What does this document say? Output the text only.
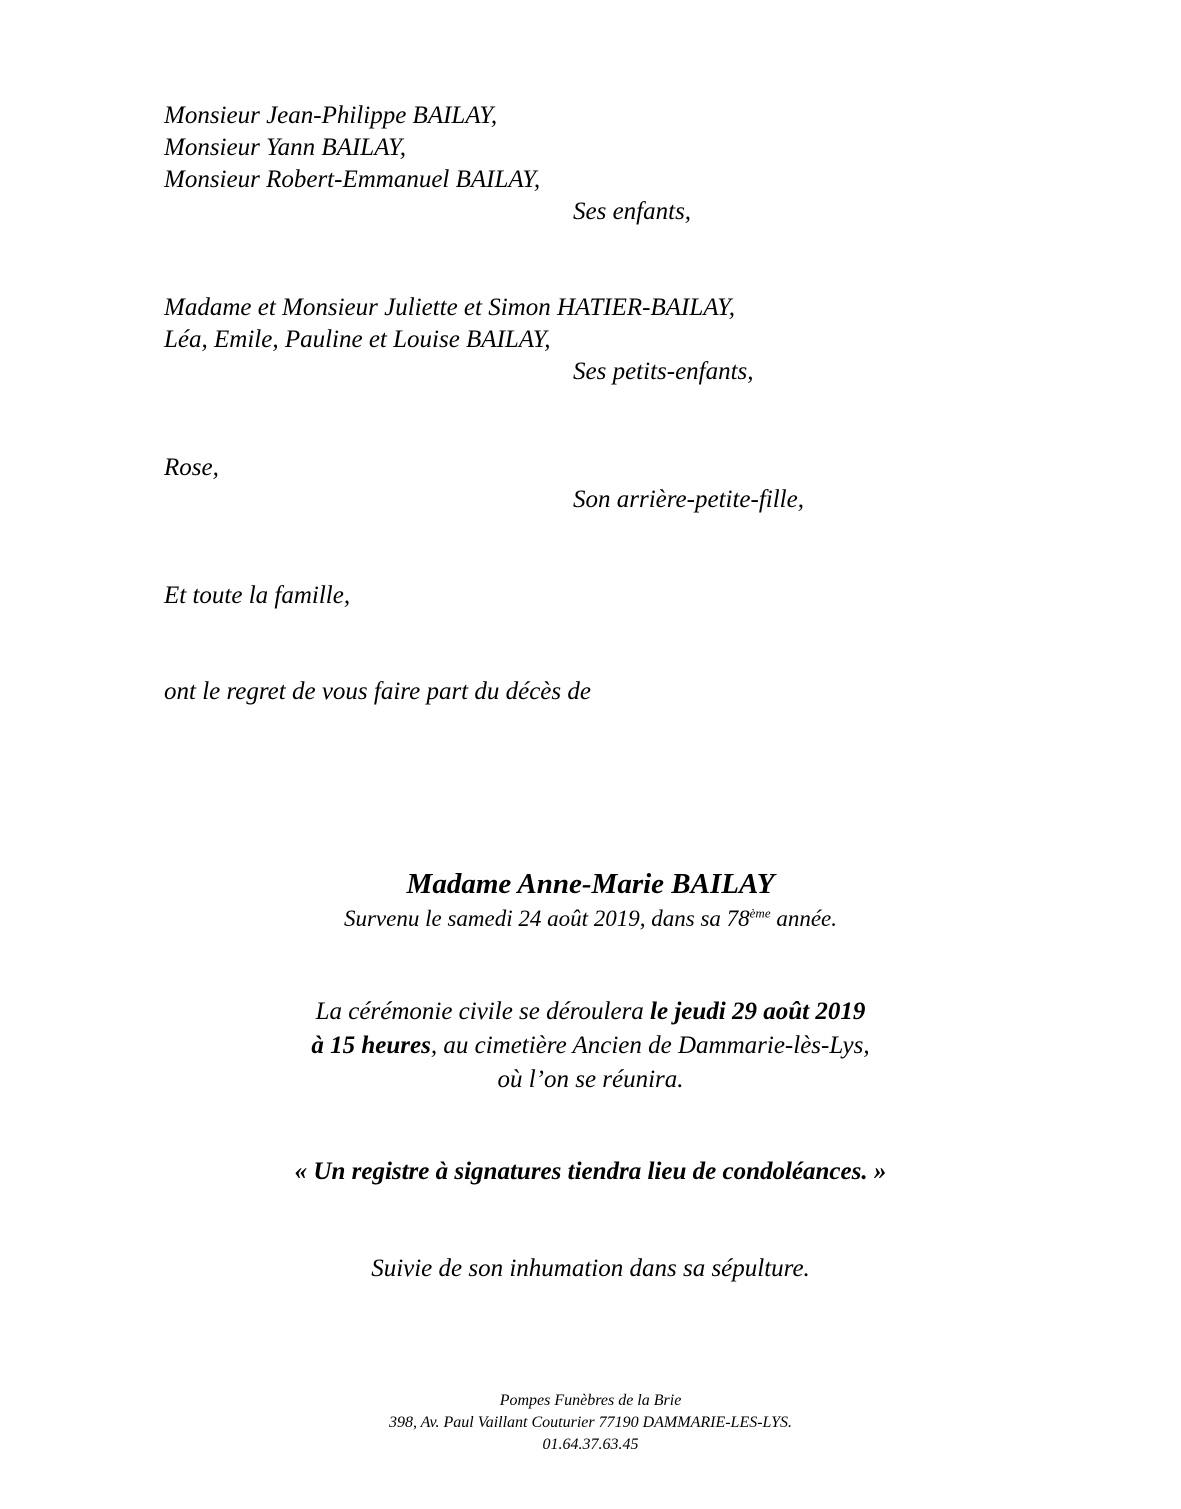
Monsieur Jean-Philippe BAILAY,
Monsieur Yann BAILAY,
Monsieur Robert-Emmanuel BAILAY,
Ses enfants,
Madame et Monsieur Juliette et Simon HATIER-BAILAY,
Léa, Emile, Pauline et Louise BAILAY,
Ses petits-enfants,
Rose,
Son arrière-petite-fille,
Et toute la famille,
ont le regret de vous faire part du décès de
Madame Anne-Marie BAILAY
Survenu le samedi 24 août 2019, dans sa 78ème année.
La cérémonie civile se déroulera le jeudi 29 août 2019
à 15 heures, au cimetière Ancien de Dammarie-lès-Lys,
où l’on se réunira.
« Un registre à signatures tiendra lieu de condoléances. »
Suivie de son inhumation dans sa sépulture.
Pompes Funèbres de la Brie
398, Av. Paul Vaillant Couturier 77190 DAMMARIE-LES-LYS.
01.64.37.63.45
